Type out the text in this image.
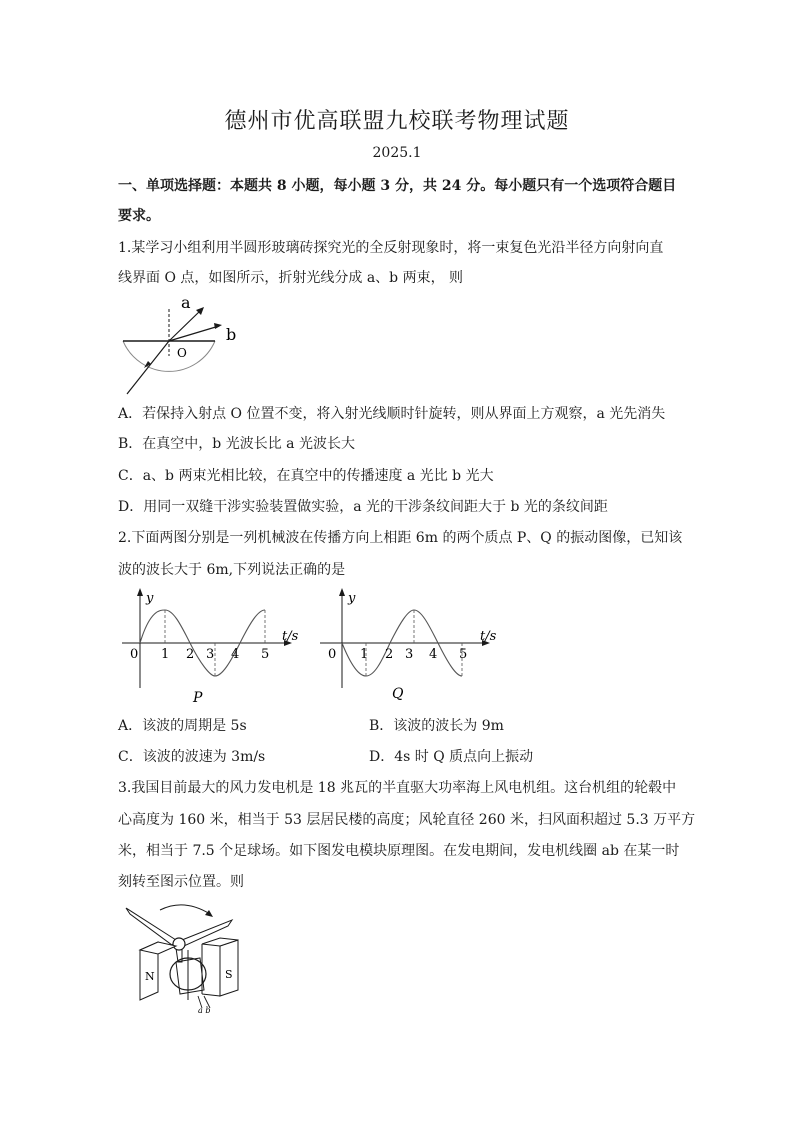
德州市优高联盟九校联考物理试题
2025.1
一、单项选择题：本题共 8 小题，每小题 3 分，共 24 分。每小题只有一个选项符合题目
要求。
1.某学习小组利用半圆形玻璃砖探究光的全反射现象时，将一束复色光沿半径方向射向直
线界面 O 点，如图所示，折射光线分成 a、b 两束， 则
a
b
O
A．若保持入射点 O 位置不变，将入射光线顺时针旋转，则从界面上方观察，a 光先消失
B．在真空中，b 光波长比 a 光波长大
C．a、b 两束光相比较，在真空中的传播速度 a 光比 b 光大
D．用同一双缝干涉实验装置做实验，a 光的干涉条纹间距大于 b 光的条纹间距
2.下面两图分别是一列机械波在传播方向上相距 6m 的两个质点 P、Q 的振动图像，已知该
波的波长大于 6m,下列说法正确的是
y
t/s
0 1 2 3 4 5
P
y
t/s
0 1 2 3 4 5
Q
A．该波的周期是 5s	B．该波的波长为 9m
C．该波的波速为 3m/s	D．4s 时 Q 质点向上振动
3.我国目前最大的风力发电机是 18 兆瓦的半直驱大功率海上风电机组。这台机组的轮毂中
心高度为 160 米，相当于 53 层居民楼的高度；风轮直径 260 米，扫风面积超过 5.3 万平方
米，相当于 7.5 个足球场。如下图发电模块原理图。在发电期间，发电机线圈 ab 在某一时
刻转至图示位置。则
N	S
a b
